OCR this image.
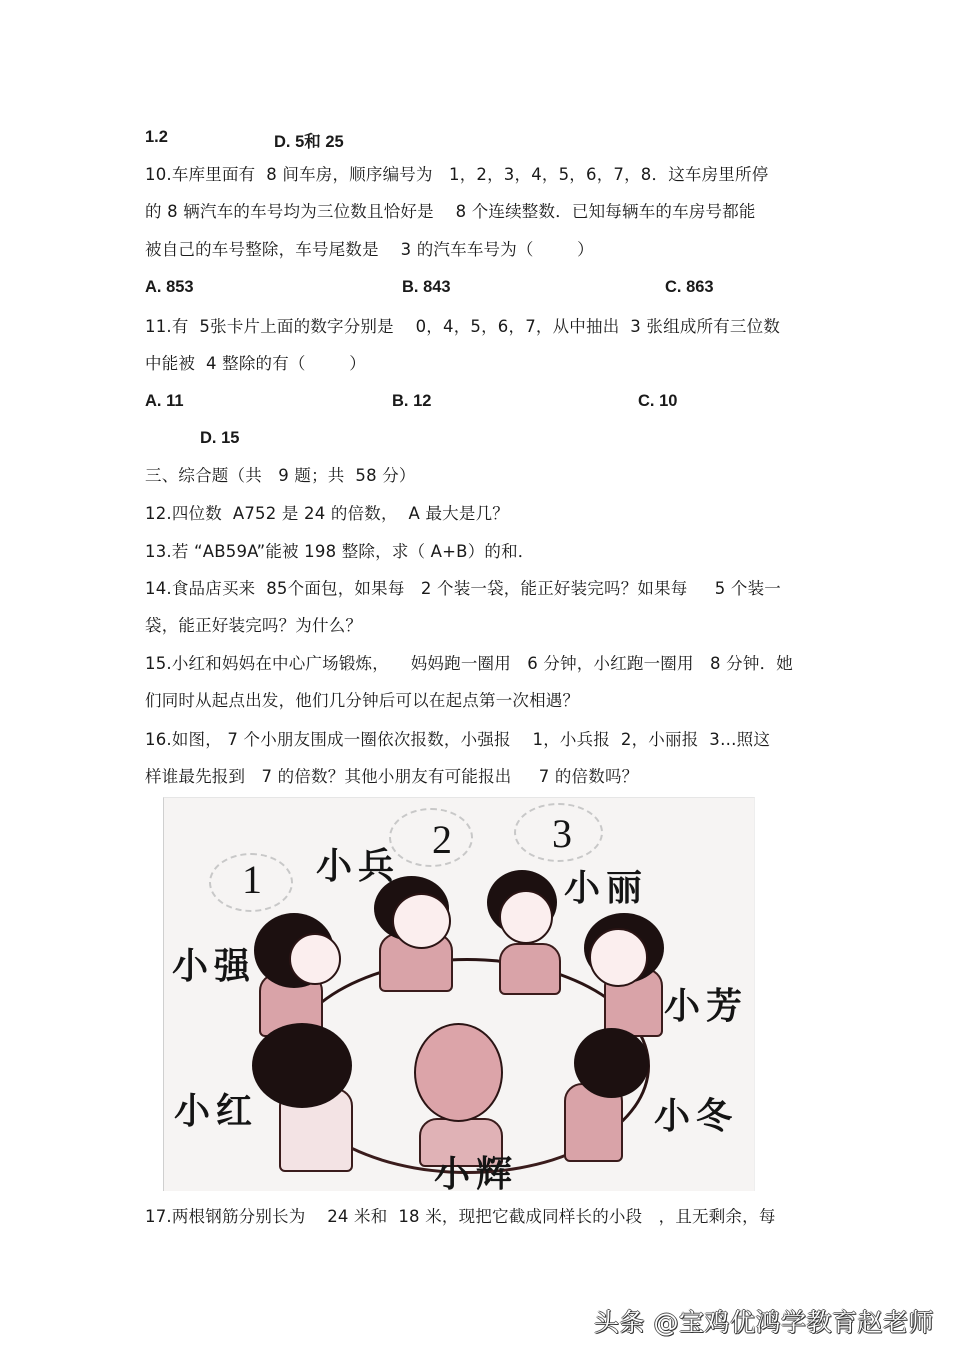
1.2	D. 5和 25
10.车库里面有  8 间车房，顺序编号为   1，2，3，4，5，6，7，8．这车房里所停
的 8 辆汽车的车号均为三位数且恰好是    8 个连续整数．已知每辆车的车房号都能
被自己的车号整除，车号尾数是    3 的汽车车号为（        ）
A. 853	B. 843	C. 863
11.有  5张卡片上面的数字分别是    0，4，5，6，7，从中抽出  3 张组成所有三位数
中能被  4 整除的有（        ）
A. 11	B. 12	C. 10
D. 15
三、综合题（共   9 题；共  58 分）
12.四位数  A752 是 24 的倍数，  A 最大是几？
13.若 “AB59A”能被 198 整除，求（ A+B）的和．
14.食品店买来  85个面包，如果每   2 个装一袋，能正好装完吗？如果每     5 个装一
袋，能正好装完吗？为什么？
15.小红和妈妈在中心广场锻炼，    妈妈跑一圈用   6 分钟，小红跑一圈用   8 分钟．她
们同时从起点出发，他们几分钟后可以在起点第一次相遇？
16.如图， 7 个小朋友围成一圈依次报数，小强报    1，小兵报  2，小丽报  3…照这
样谁最先报到   7 的倍数？其他小朋友有可能报出     7 的倍数吗？
1
2	3
小强
小兵
小丽
小芳
小冬
小辉
小红
17.两根钢筋分别长为    24 米和  18 米，现把它截成同样长的小段   ，且无剩余，每
头条 @宝鸡优鸿学教育赵老师
